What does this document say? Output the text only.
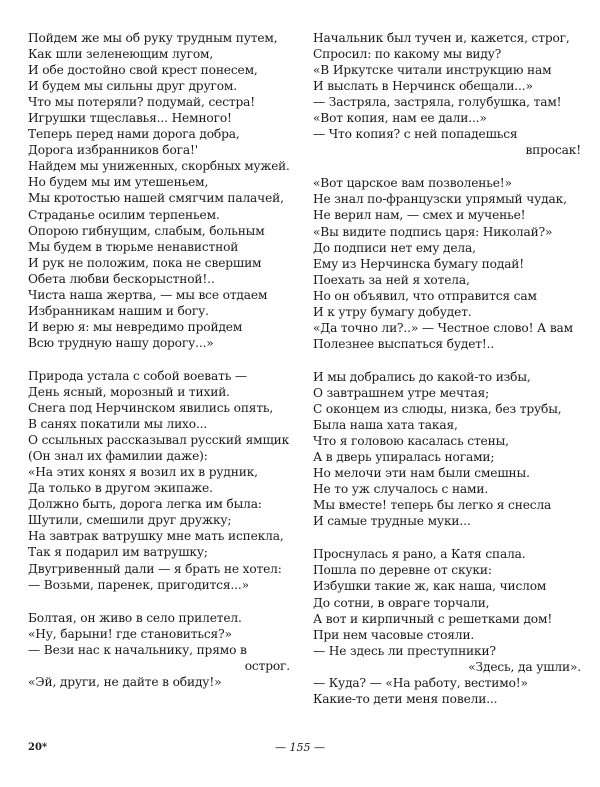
Пойдем же мы об руку трудным путем,
Как шли зеленеющим лугом,
И обе достойно свой крест понесем,
И будем мы сильны друг другом.
Что мы потеряли? подумай, сестра!
Игрушки тщеславья... Немного!
Теперь перед нами дорога добра,
Дорога избранников бога!'
Найдем мы униженных, скорбных мужей.
Но будем мы им утешеньем,
Мы кротостью нашей смягчим палачей,
Страданье осилим терпеньем.
Опорою гибнущим, слабым, больным
Мы будем в тюрьме ненавистной
И рук не положим, пока не свершим
Обета любви бескорыстной!..
Чиста наша жертва, — мы все отдаем
Избранникам нашим и богу.
И верю я: мы невредимо пройдем
Всю трудную нашу дорогу...»
Природа устала с собой воевать —
День ясный, морозный и тихий.
Снега под Нерчинском явились опять,
В санях покатили мы лихо...
О ссыльных рассказывал русский ямщик
(Он знал их фамилии даже):
«На этих конях я возил их в рудник,
Да только в другом экипаже.
Должно быть, дорога легка им была:
Шутили, смешили друг дружку;
На завтрак ватрушку мне мать испекла,
Так я подарил им ватрушку;
Двугривенный дали — я брать не хотел:
— Возьми, паренек, пригодится...»
Болтая, он живо в село прилетел.
«Ну, барыни! где становиться?»
— Вези нас к начальнику, прямо в
острог.
«Эй, други, не дайте в обиду!»
Начальник был тучен и, кажется, строг,
Спросил: по какому мы виду?
«В Иркутске читали инструкцию нам
И выслать в Нерчинск обещали...»
— Застряла, застряла, голубушка, там!
«Вот копия, нам ее дали...»
— Что копия? с ней попадешься
впросак!
«Вот царское вам позволенье!»
Не знал по-французски упрямый чудак,
Не верил нам, — смех и мученье!
«Вы видите подпись царя: Николай?»
До подписи нет ему дела,
Ему из Нерчинска бумагу подай!
Поехать за ней я хотела,
Но он объявил, что отправится сам
И к утру бумагу добудет.
«Да точно ли?..» — Честное слово! А вам
Полезнее выспаться будет!..
И мы добрались до какой-то избы,
О завтрашнем утре мечтая;
С оконцем из слюды, низка, без трубы,
Была наша хата такая,
Что я головою касалась стены,
А в дверь упиралась ногами;
Но мелочи эти нам были смешны.
Не то уж случалось с нами.
Мы вместе! теперь бы легко я снесла
И самые трудные муки...
Проснулась я рано, а Катя спала.
Пошла по деревне от скуки:
Избушки такие ж, как наша, числом
До сотни, в овраге торчали,
А вот и кирпичный с решетками дом!
При нем часовые стояли.
— Не здесь ли преступники?
«Здесь, да ушли».
— Куда? — «На работу, вестимо!»
Какие-то дети меня повели...
20*	— 155 —
